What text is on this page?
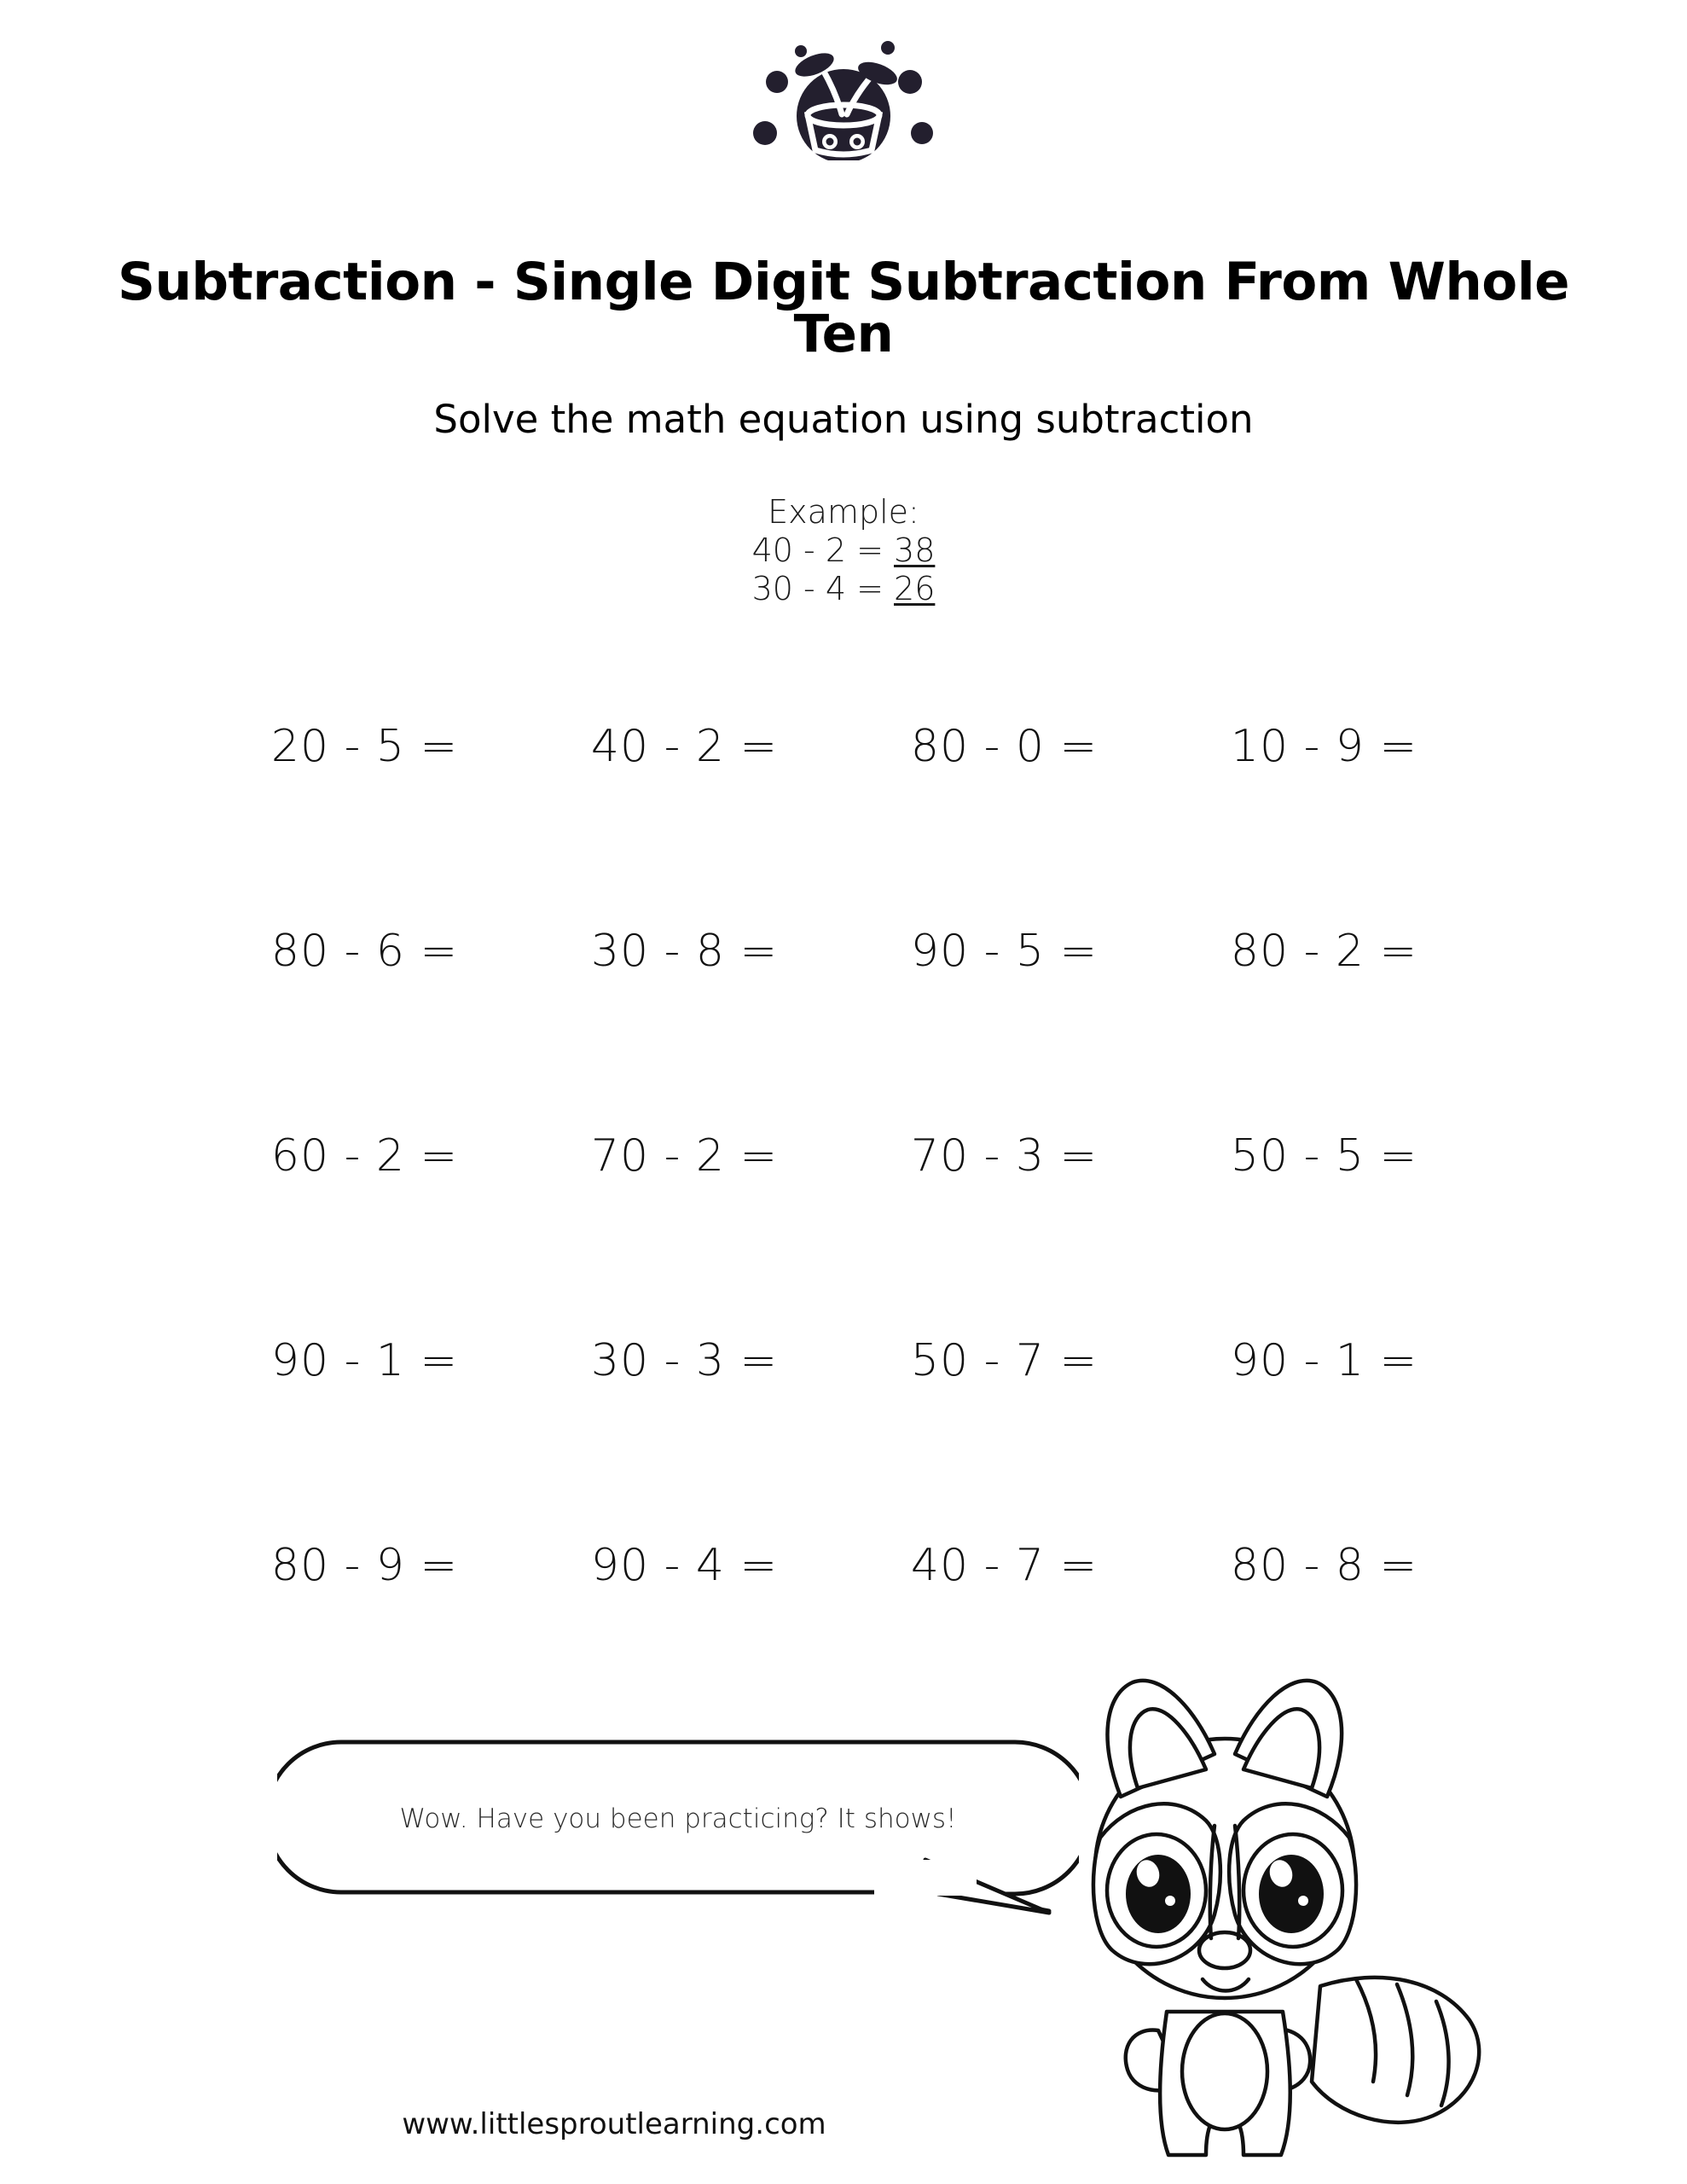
Subtraction - Single Digit Subtraction From Whole Ten
Solve the math equation using subtraction
Example:
40 - 2 = 38
30 - 4 = 26
20 - 5 =	40 - 2 =	80 - 0 =	10 - 9 =
80 - 6 =	30 - 8 =	90 - 5 =	80 - 2 =
60 - 2 =	70 - 2 =	70 - 3 =	50 - 5 =
90 - 1 =	30 - 3 =	50 - 7 =	90 - 1 =
80 - 9 =	90 - 4 =	40 - 7 =	80 - 8 =
Wow. Have you been practicing? It shows!
www.littlesproutlearning.com
